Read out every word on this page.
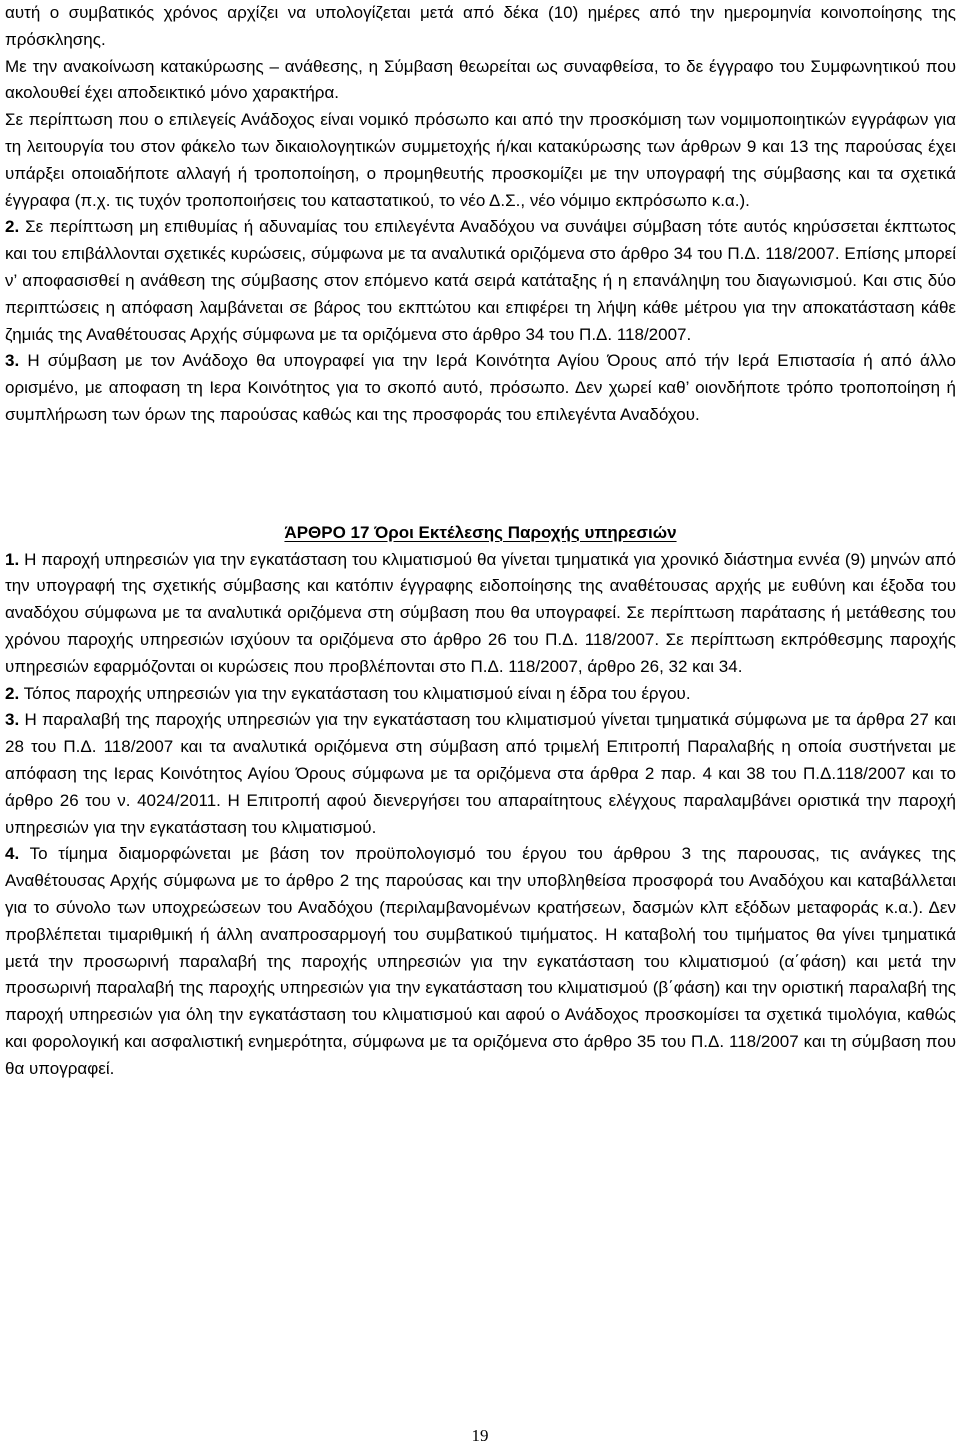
αυτή ο συμβατικός χρόνος αρχίζει να υπολογίζεται μετά από δέκα (10) ημέρες από την ημερομηνία κοινοποίησης της πρόσκλησης.

Με την ανακοίνωση κατακύρωσης – ανάθεσης, η Σύμβαση θεωρείται ως συναφθείσα, το δε έγγραφο του Συμφωνητικού που ακολουθεί έχει αποδεικτικό μόνο χαρακτήρα.

Σε περίπτωση που ο επιλεγείς Ανάδοχος είναι νομικό πρόσωπο και από την προσκόμιση των νομιμοποιητικών εγγράφων για τη λειτουργία του στον φάκελο των δικαιολογητικών συμμετοχής ή/και κατακύρωσης των άρθρων 9 και 13 της παρούσας έχει υπάρξει οποιαδήποτε αλλαγή ή τροποποίηση, ο προμηθευτής προσκομίζει με την υπογραφή της σύμβασης και τα σχετικά έγγραφα (π.χ. τις τυχόν τροποποιήσεις του καταστατικού, το νέο Δ.Σ., νέο νόμιμο εκπρόσωπο κ.α.).

2. Σε περίπτωση μη επιθυμίας ή αδυναμίας του επιλεγέντα Αναδόχου να συνάψει σύμβαση τότε αυτός κηρύσσεται έκπτωτος και του επιβάλλονται σχετικές κυρώσεις, σύμφωνα με τα αναλυτικά οριζόμενα στο άρθρο 34 του Π.Δ. 118/2007. Επίσης μπορεί ν’ αποφασισθεί η ανάθεση της σύμβασης στον επόμενο κατά σειρά κατάταξης ή η επανάληψη του διαγωνισμού. Και στις δύο περιπτώσεις η απόφαση λαμβάνεται σε βάρος του εκπτώτου και επιφέρει τη λήψη κάθε μέτρου για την αποκατάσταση κάθε ζημιάς της Αναθέτουσας Αρχής σύμφωνα με τα οριζόμενα στο άρθρο 34 του Π.Δ. 118/2007.

3. Η σύμβαση με τον Ανάδοχο θα υπογραφεί για την Ιερά Κοινότητα Αγίου Όρους από τήν Ιερά Επιστασία ή από άλλο ορισμένο, με αποφαση τη Ιερα Κοινότητος για το σκοπό αυτό, πρόσωπο. Δεν χωρεί καθ’ οιονδήποτε τρόπο τροποποίηση ή συμπλήρωση των όρων της παρούσας καθώς και της προσφοράς του επιλεγέντα Αναδόχου.

ΆΡΘΡΟ 17 Όροι Εκτέλεσης Παροχής υπηρεσιών

1. Η παροχή υπηρεσιών για την εγκατάσταση του κλιματισμού θα γίνεται τμηματικά για χρονικό διάστημα εννέα (9) μηνών από την υπογραφή της σχετικής σύμβασης και κατόπιν έγγραφης ειδοποίησης της αναθέτουσας αρχής με ευθύνη και έξοδα του αναδόχου σύμφωνα με τα αναλυτικά οριζόμενα στη σύμβαση που θα υπογραφεί. Σε περίπτωση παράτασης ή μετάθεσης του χρόνου παροχής υπηρεσιών ισχύουν τα οριζόμενα στο άρθρο 26 του Π.Δ. 118/2007. Σε περίπτωση εκπρόθεσμης παροχής υπηρεσιών εφαρμόζονται οι κυρώσεις που προβλέπονται στο Π.Δ. 118/2007, άρθρο 26, 32 και 34.

2. Τόπος παροχής υπηρεσιών για την εγκατάσταση του κλιματισμού είναι η έδρα του έργου.

3. Η παραλαβή της παροχής υπηρεσιών για την εγκατάσταση του κλιματισμού γίνεται τμηματικά σύμφωνα με τα άρθρα 27 και 28 του Π.Δ. 118/2007 και τα αναλυτικά οριζόμενα στη σύμβαση από τριμελή Επιτροπή Παραλαβής η οποία συστήνεται με απόφαση της Ιερας Κοινότητος Αγίου Όρους σύμφωνα με τα οριζόμενα στα άρθρα 2 παρ. 4 και 38 του Π.Δ.118/2007 και το άρθρο 26 του ν. 4024/2011. Η Επιτροπή αφού διενεργήσει του απαραίτητους ελέγχους παραλαμβάνει οριστικά την παροχή υπηρεσιών για την εγκατάσταση του κλιματισμού.

4. Το τίμημα διαμορφώνεται με βάση τον προϋπολογισμό του έργου του άρθρου 3 της παρουσας, τις ανάγκες της Αναθέτουσας Αρχής σύμφωνα με το άρθρο 2 της παρούσας και την υποβληθείσα προσφορά του Αναδόχου και καταβάλλεται για το σύνολο των υποχρεώσεων του Αναδόχου (περιλαμβανομένων κρατήσεων, δασμών κλπ εξόδων μεταφοράς κ.α.). Δεν προβλέπεται τιμαριθμική ή άλλη αναπροσαρμογή του συμβατικού τιμήματος. Η καταβολή του τιμήματος θα γίνει τμηματικά μετά την προσωρινή παραλαβή της παροχής υπηρεσιών για την εγκατάσταση του κλιματισμού (α΄φάση) και μετά την προσωρινή παραλαβή της παροχής υπηρεσιών για την εγκατάσταση του κλιματισμού (β΄φάση) και την οριστική παραλαβή της παροχή υπηρεσιών για όλη την εγκατάσταση του κλιματισμού και αφού ο Ανάδοχος προσκομίσει τα σχετικά τιμολόγια, καθώς και φορολογική και ασφαλιστική ενημερότητα, σύμφωνα με τα οριζόμενα στο άρθρο 35 του Π.Δ. 118/2007 και τη σύμβαση που θα υπογραφεί.

19
